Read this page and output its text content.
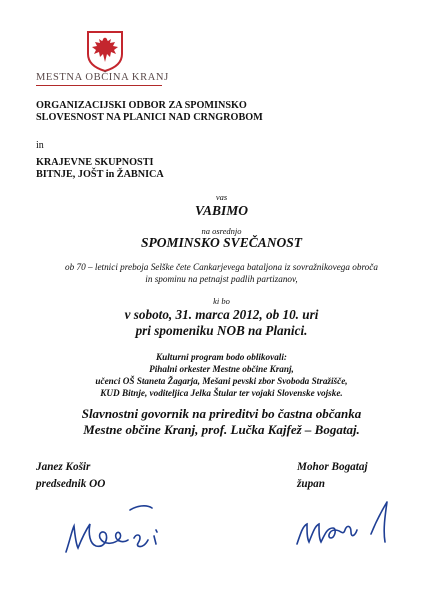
MESTNA OBČINA KRANJ
ORGANIZACIJSKI ODBOR ZA SPOMINSKO
SLOVESNOST NA PLANICI NAD CRNGROBOM
in
KRAJEVNE SKUPNOSTI
BITNJE, JOŠT in ŽABNICA
vas
VABIMO
na osrednjo
SPOMINSKO SVEČANOST
ob 70 – letnici preboja Selške čete Cankarjevega bataljona iz sovražnikovega obroča
in spominu na petnajst padlih partizanov,
ki bo
v soboto, 31. marca 2012, ob 10. uri
pri spomeniku NOB na Planici.
Kulturni program bodo oblikovali:
Pihalni orkester Mestne občine Kranj,
učenci OŠ Staneta Žagarja, Mešani pevski zbor Svoboda Stražišče,
KUD Bitnje, voditeljica Jelka Štular ter vojaki Slovenske vojske.
Slavnostni govornik na prireditvi bo častna občanka
Mestne občine Kranj, prof. Lučka Kajfež – Bogataj.
Janez Košir
predsednik OO
Mohor Bogataj
župan
